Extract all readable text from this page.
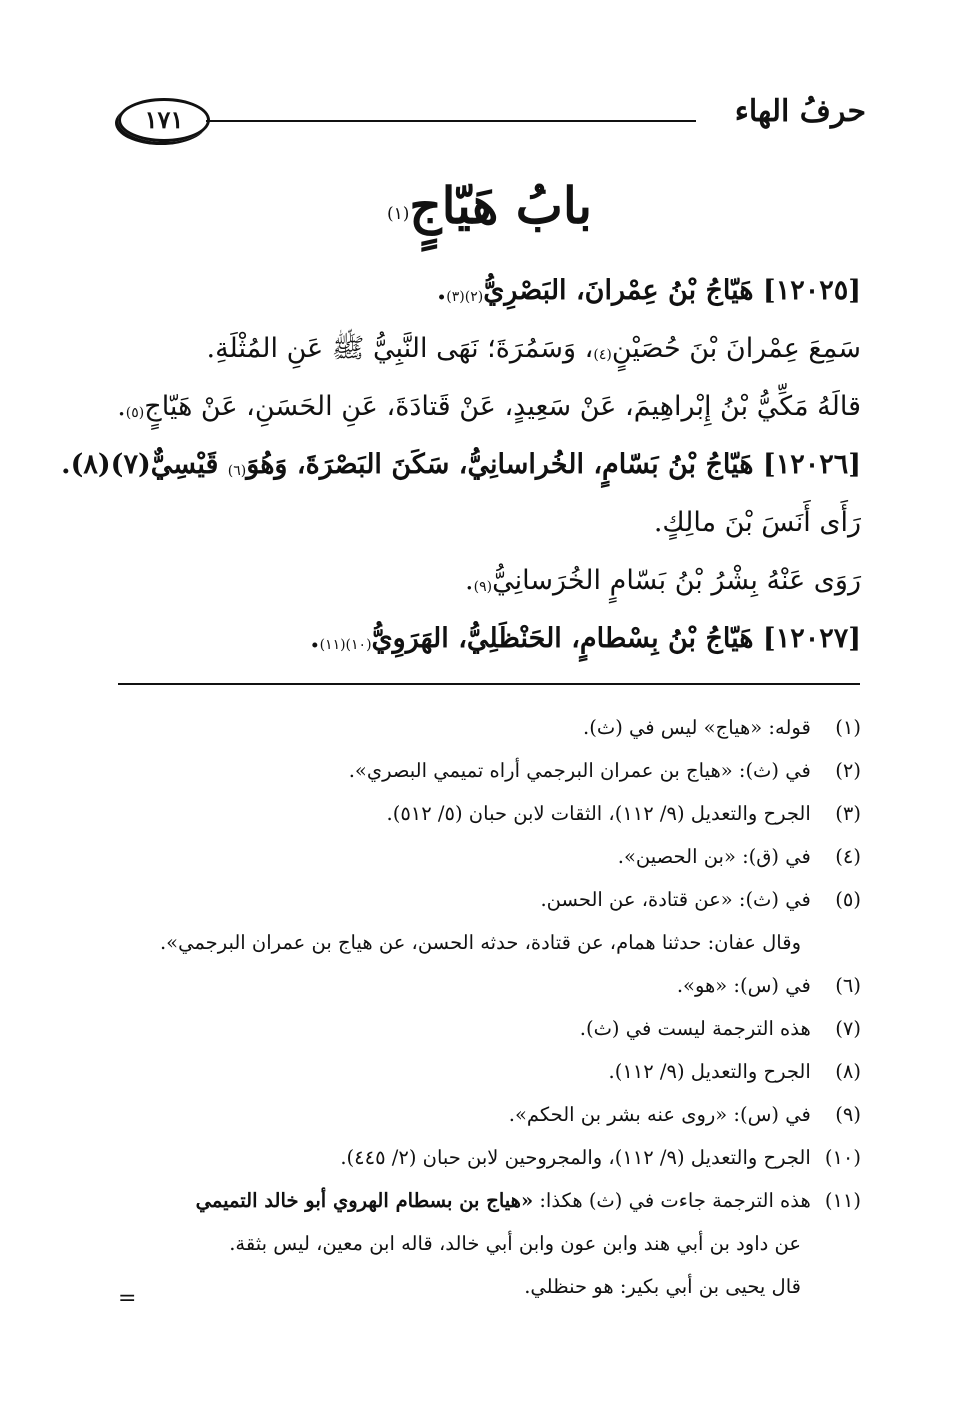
١٧١	حرفُ الهاء
بابُ هَيّاجٍ$^{(١)}$
[١٢٠٢٥] هَيّاجُ بْنُ عِمْرانَ، البَصْرِيُّ$^{(٢)(٣)}$.
سَمِعَ عِمْرانَ بْنَ حُصَيْنٍ$^{(٤)}$، وَسَمُرَةَ؛ نَهَى النَّبِيُّ ﷺ عَنِ المُثْلَةِ.
قالَهُ مَكِّيُّ بْنُ إِبْراهِيمَ، عَنْ سَعِيدٍ، عَنْ قَتادَةَ، عَنِ الحَسَنِ، عَنْ هَيّاجٍ$^{(٥)}$.
[١٢٠٢٦] هَيّاجُ بْنُ بَسّامٍ، الخُراسانِيُّ، سَكَنَ البَصْرَةَ، وَهُوَ$^{(٦)}$ قَيْسِيٌّ(٧)(٨).
رَأَى أَنَسَ بْنَ مالِكٍ.
رَوَى عَنْهُ بِشْرُ بْنُ بَسّامٍ الخُرَسانِيُّ$^{(٩)}$.
[١٢٠٢٧] هَيّاجُ بْنُ بِسْطامٍ، الحَنْظَلِيُّ، الهَرَوِيُّ$^{(١٠)(١١)}$.
(١) قوله: «هياج» ليس في (ث).
(٢) في (ث): «هياج بن عمران البرجمي أراه تميمي البصري».
(٣) الجرح والتعديل (٩/ ١١٢)، الثقات لابن حبان (٥/ ٥١٢).
(٤) في (ق): «بن الحصين».
(٥) في (ث): «عن قتادة، عن الحسن.
وقال عفان: حدثنا همام، عن قتادة، حدثه الحسن، عن هياج بن عمران البرجمي».
(٦) في (س): «هو».
(٧) هذه الترجمة ليست في (ث).
(٨) الجرح والتعديل (٩/ ١١٢).
(٩) في (س): «روى عنه بشر بن الحكم».
(١٠) الجرح والتعديل (٩/ ١١٢)، والمجروحين لابن حبان (٢/ ٤٤٥).
(١١) هذه الترجمة جاءت في (ث) هكذا: «هياج بن بسطام الهروي أبو خالد التميمي
عن داود بن أبي هند وابن عون وابن أبي خالد، قاله ابن معين، ليس بثقة.
قال يحيى بن أبي بكير: هو حنظلي.
=
